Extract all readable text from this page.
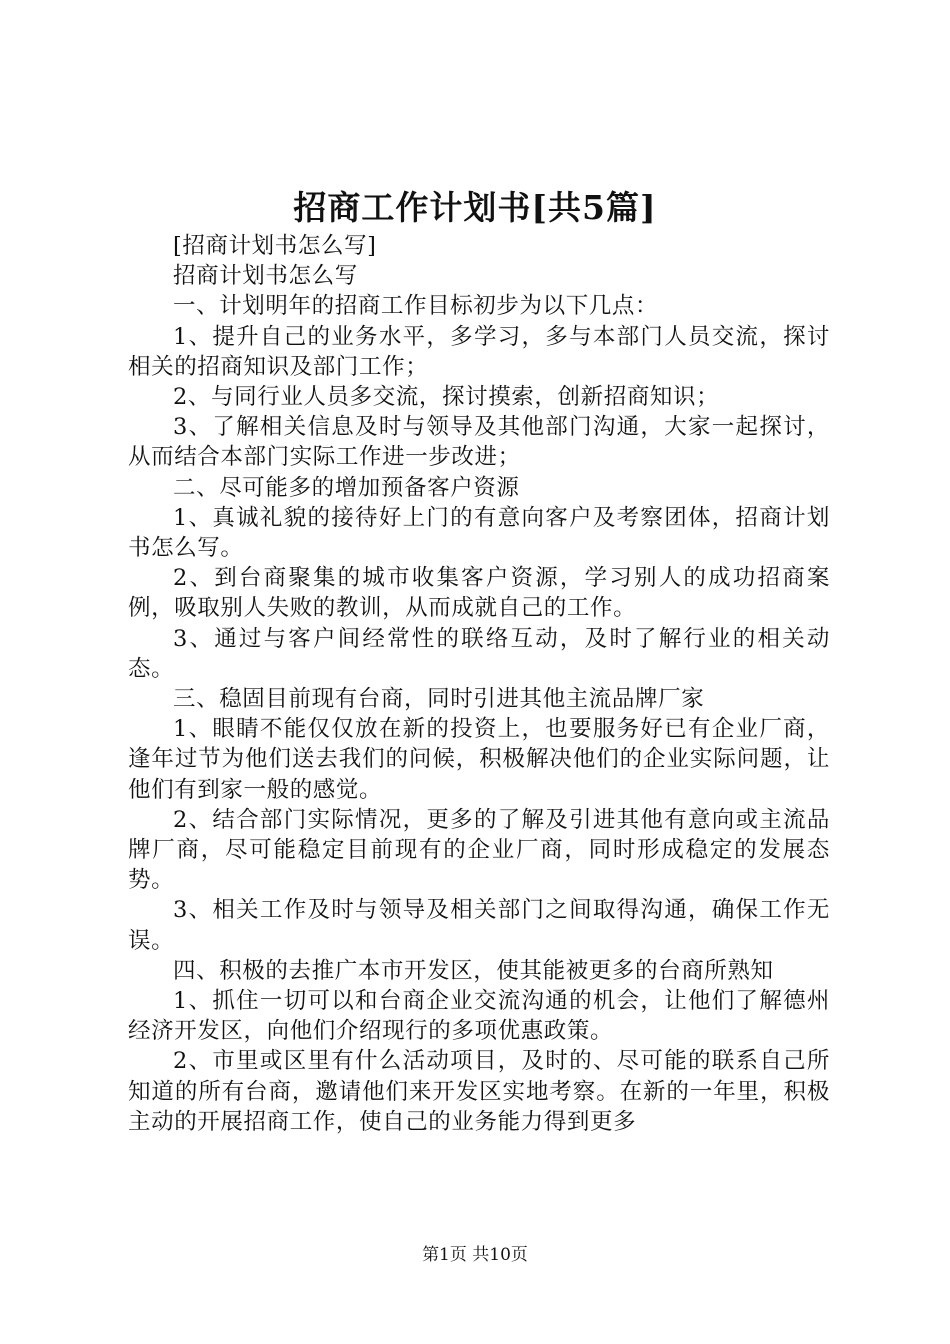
招商工作计划书[共5篇]

[招商计划书怎么写]

招商计划书怎么写

一、计划明年的招商工作目标初步为以下几点：

1、提升自己的业务水平，多学习，多与本部门人员交流，探讨相关的招商知识及部门工作；

2、与同行业人员多交流，探讨摸索，创新招商知识；

3、了解相关信息及时与领导及其他部门沟通，大家一起探讨，从而结合本部门实际工作进一步改进；

二、尽可能多的增加预备客户资源

1、真诚礼貌的接待好上门的有意向客户及考察团体，招商计划书怎么写。

2、到台商聚集的城市收集客户资源，学习别人的成功招商案例，吸取别人失败的教训，从而成就自己的工作。

3、通过与客户间经常性的联络互动，及时了解行业的相关动态。

三、稳固目前现有台商，同时引进其他主流品牌厂家

1、眼睛不能仅仅放在新的投资上，也要服务好已有企业厂商，逢年过节为他们送去我们的问候，积极解决他们的企业实际问题，让他们有到家一般的感觉。

2、结合部门实际情况，更多的了解及引进其他有意向或主流品牌厂商，尽可能稳定目前现有的企业厂商，同时形成稳定的发展态势。

3、相关工作及时与领导及相关部门之间取得沟通，确保工作无误。

四、积极的去推广本市开发区，使其能被更多的台商所熟知

1、抓住一切可以和台商企业交流沟通的机会，让他们了解德州经济开发区，向他们介绍现行的多项优惠政策。

2、市里或区里有什么活动项目，及时的、尽可能的联系自己所知道的所有台商，邀请他们来开发区实地考察。在新的一年里，积极主动的开展招商工作，使自己的业务能力得到更多

第1页 共10页
